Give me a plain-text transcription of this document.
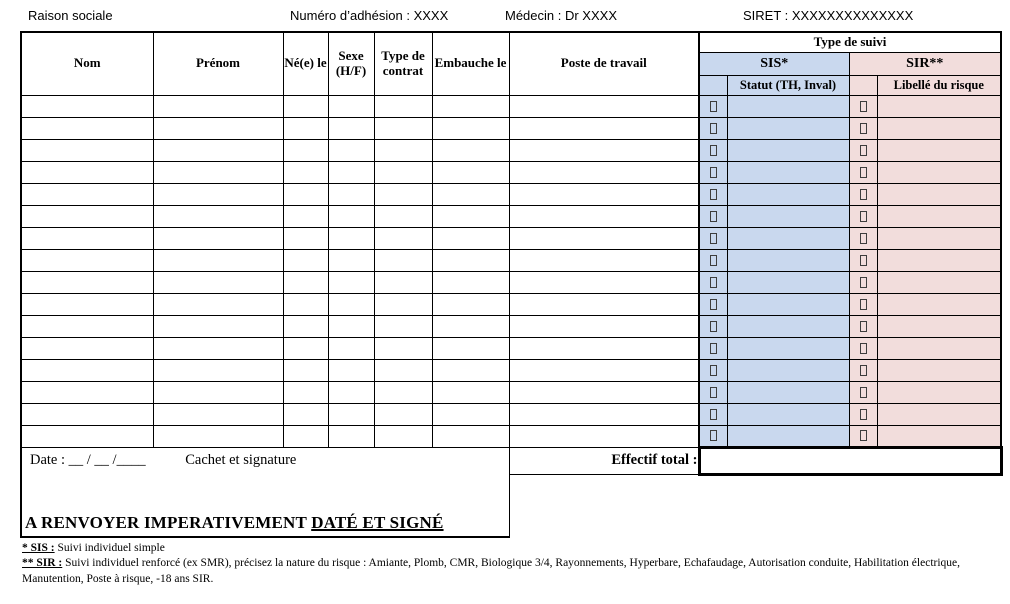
Raison sociale	Numéro d’adhésion : XXXX	Médecin : Dr XXXX	SIRET : XXXXXXXXXXXXXX
Nom	Prénom	Né(e) le	Sexe (H/F)	Type de contrat	Embauche le	Poste de travail	Type de suivi			
							SIS*		SIR**	
								Statut (TH, Inval)		Libellé du risque

Date : __ / __ /____ Cachet et signature
A RENVOYER IMPERATIVEMENT DATÉ ET SIGNÉ						Effectif total :				

* SIS : Suivi individuel simple

** SIR : Suivi individuel renforcé (ex SMR), précisez la nature du risque : Amiante, Plomb, CMR, Biologique 3/4, Rayonnements, Hyperbare, Echafaudage, Autorisation conduite, Habilitation électrique, Manutention, Poste à risque, -18 ans SIR.
